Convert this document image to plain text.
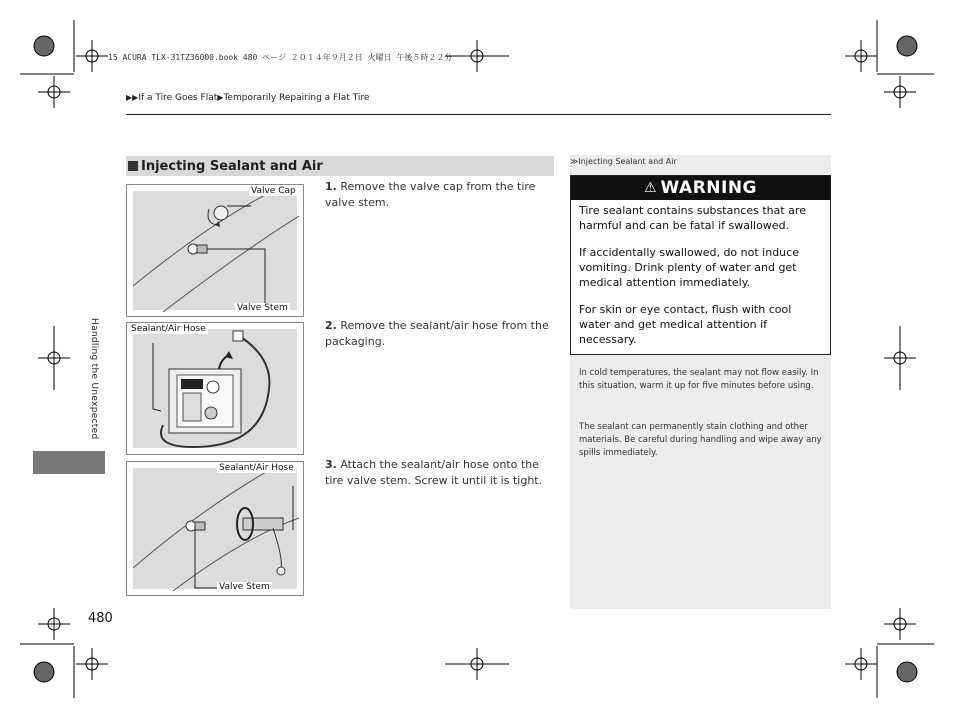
15 ACURA TLX-31TZ36000.book 480 ページ ２０１４年９月２日 火曜日 午後５時２２分
▶▶If a Tire Goes Flat▶Temporarily Repairing a Flat Tire
Handling the Unexpected
Injecting Sealant and Air
Valve Cap
Valve Stem
Sealant/Air Hose
Sealant/Air Hose
Valve Stem
1. Remove the valve cap from the tire valve stem.
2. Remove the sealant/air hose from the packaging.
3. Attach the sealant/air hose onto the tire valve stem. Screw it until it is tight.
≫Injecting Sealant and Air
⚠ WARNING
Tire sealant contains substances that are harmful and can be fatal if swallowed.
If accidentally swallowed, do not induce vomiting. Drink plenty of water and get medical attention immediately.
For skin or eye contact, flush with cool water and get medical attention if necessary.
In cold temperatures, the sealant may not flow easily. In this situation, warm it up for five minutes before using.
The sealant can permanently stain clothing and other materials. Be careful during handling and wipe away any spills immediately.
480
